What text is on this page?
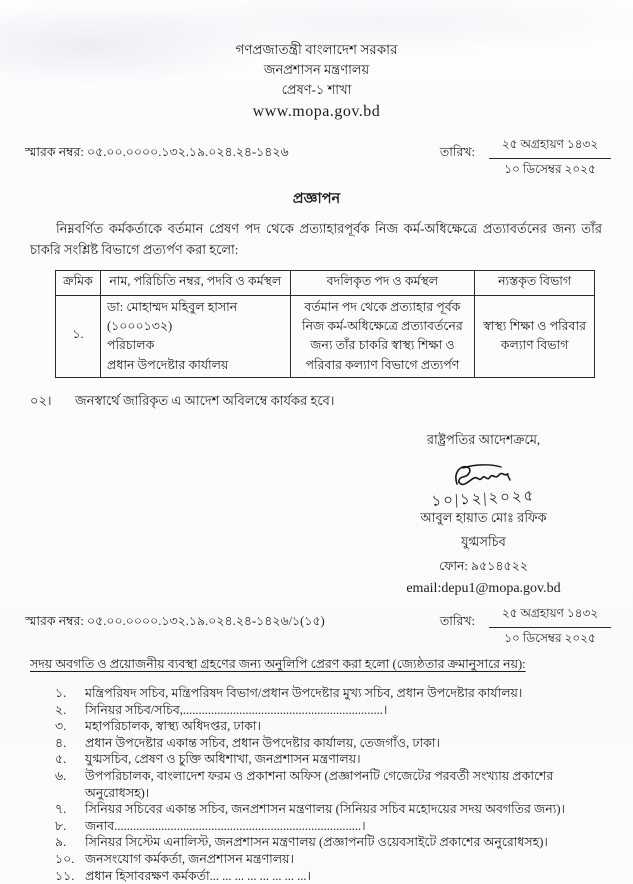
গণপ্রজাতন্ত্রী বাংলাদেশ সরকার
জনপ্রশাসন মন্ত্রণালয়
প্রেষণ-১ শাখা
www.mopa.gov.bd
স্মারক নম্বর: ০৫.০০.০০০০.১৩২.১৯.০২৪.২৪-১৪২৬	তারিখ:
২৫ অগ্রহায়ণ ১৪৩২
১০ ডিসেম্বর ২০২৫
প্রজ্ঞাপন
নিম্নবর্ণিত কর্মকর্তাকে বর্তমান প্রেষণ পদ থেকে প্রত্যাহারপূর্বক নিজ কর্ম-অধিক্ষেত্রে প্রত্যাবর্তনের জন্য তাঁর চাকরি সংশ্লিষ্ট বিভাগে প্রত্যর্পণ করা হলো:
ক্রমিক	নাম, পরিচিতি নম্বর, পদবি ও কর্মস্থল	বদলিকৃত পদ ও কর্মস্থল	ন্যস্তকৃত বিভাগ
১.	ডা: মোহাম্মদ মহিবুল হাসান (১০০০১৩২)
পরিচালক
প্রধান উপদেষ্টার কার্যালয়	বর্তমান পদ থেকে প্রত্যাহার পূর্বক নিজ কর্ম-অধিক্ষেত্রে প্রত্যাবর্তনের জন্য তাঁর চাকরি স্বাস্থ্য শিক্ষা ও পরিবার কল্যাণ বিভাগে প্রত্যর্পণ	স্বাস্থ্য শিক্ষা ও পরিবার কল্যাণ বিভাগ
০২।	জনস্বার্থে জারিকৃত এ আদেশ অবিলম্বে কার্যকর হবে।
রাষ্ট্রপতির আদেশক্রমে,
১০|১২|২০২৫
আবুল হায়াত মোঃ রফিক
যুগ্মসচিব
ফোন: ৯৫১৪৫২২
email:depu1@mopa.gov.bd
স্মারক নম্বর: ০৫.০০.০০০০.১৩২.১৯.০২৪.২৪-১৪২৬/১(১৫)	তারিখ:
২৫ অগ্রহায়ণ ১৪৩২
১০ ডিসেম্বর ২০২৫
সদয় অবগতি ও প্রয়োজনীয় ব্যবস্থা গ্রহণের জন্য অনুলিপি প্রেরণ করা হলো (জ্যেষ্ঠতার ক্রমানুসারে নয়):
১.	মন্ত্রিপরিষদ সচিব, মন্ত্রিপরিষদ বিভাগ/প্রধান উপদেষ্টার মুখ্য সচিব, প্রধান উপদেষ্টার কার্যালয়।
২.	সিনিয়র সচিব/সচিব,................................................................।
৩.	মহাপরিচালক, স্বাস্থ্য অধিদপ্তর, ঢাকা।
৪.	প্রধান উপদেষ্টার একান্ত সচিব, প্রধান উপদেষ্টার কার্যালয়, তেজগাঁও, ঢাকা।
৫.	যুগ্মসচিব, প্রেষণ ও চুক্তি অধিশাখা, জনপ্রশাসন মন্ত্রণালয়।
৬.	উপপরিচালক, বাংলাদেশ ফরম ও প্রকাশনা অফিস (প্রজ্ঞাপনটি গেজেটের পরবর্তী সংখ্যায় প্রকাশের অনুরোধসহ)।
৭.	সিনিয়র সচিবের একান্ত সচিব, জনপ্রশাসন মন্ত্রণালয় (সিনিয়র সচিব মহোদয়ের সদয় অবগতির জন্য)।
৮.	জনাব...............................................................................।
৯.	সিনিয়র সিস্টেম এনালিস্ট, জনপ্রশাসন মন্ত্রণালয় (প্রজ্ঞাপনটি ওয়েবসাইটে প্রকাশের অনুরোধসহ)।
১০. জনসংযোগ কর্মকর্তা, জনপ্রশাসন মন্ত্রণালয়।
১১. প্রধান হিসাবরক্ষণ কর্মকর্তা... ... ... ... ... ... ... ...।
